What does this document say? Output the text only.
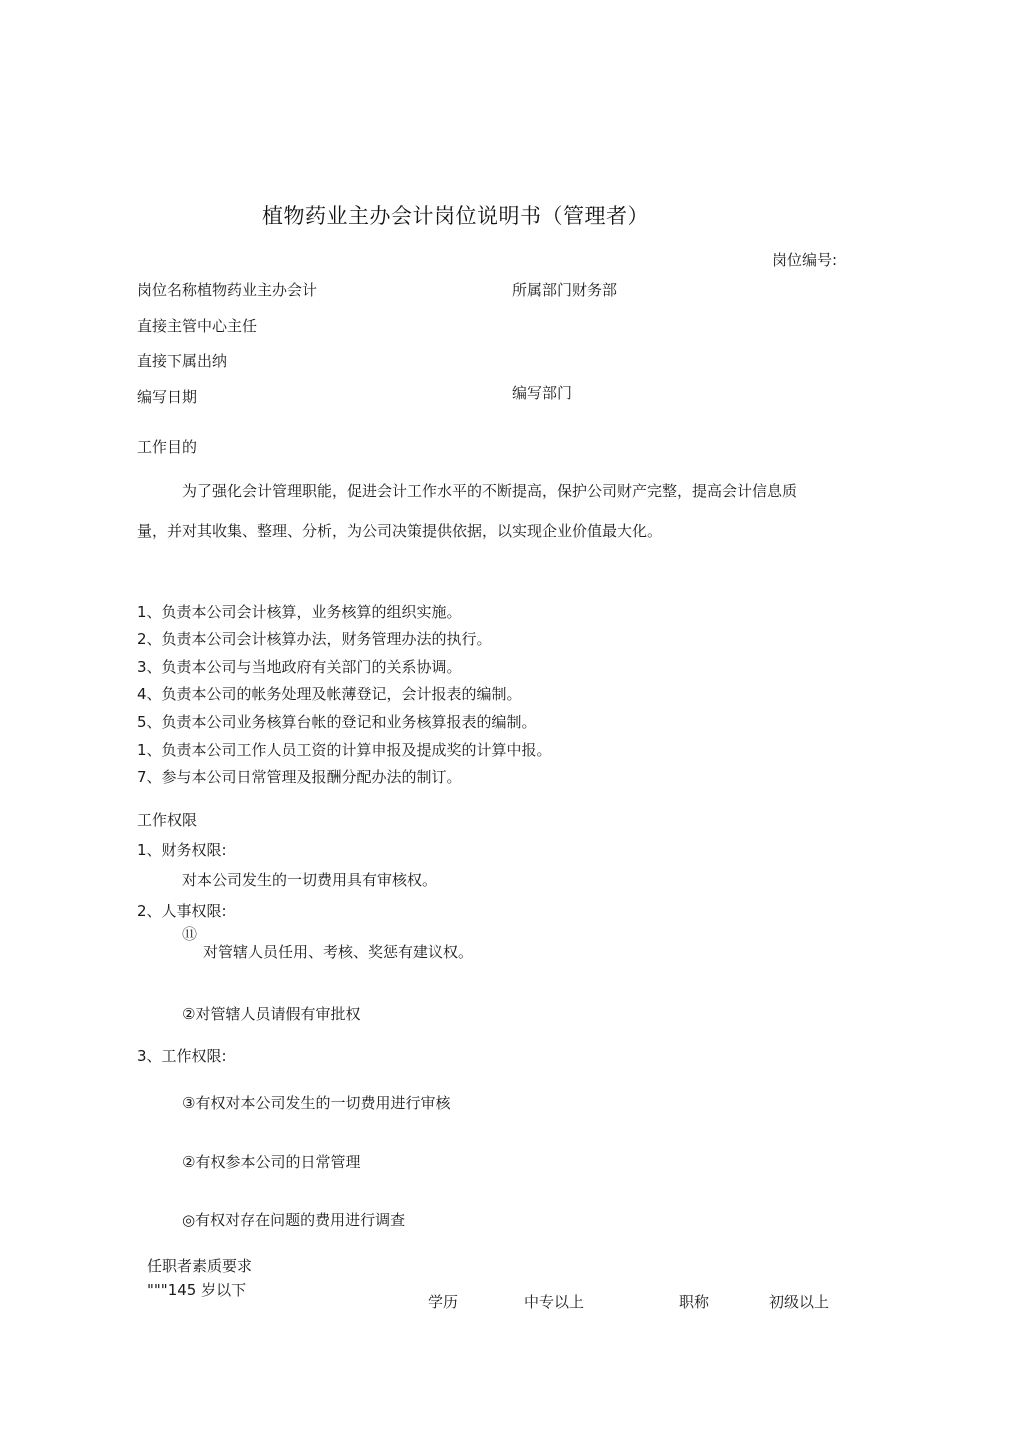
植物药业主办会计岗位说明书（管理者）
岗位编号:
岗位名称植物药业主办会计	所属部门财务部
直接主管中心主任
直接下属出纳
编写日期	编写部门
工作目的
为了强化会计管理职能，促进会计工作水平的不断提高，保护公司财产完整，提高会计信息质
量，并对其收集、整理、分析，为公司决策提供依据，以实现企业价值最大化。
1、负责本公司会计核算，业务核算的组织实施。
2、负责本公司会计核算办法，财务管理办法的执行。
3、负责本公司与当地政府有关部门的关系协调。
4、负责本公司的帐务处理及帐薄登记，会计报表的编制。
5、负责本公司业务核算台帐的登记和业务核算报表的编制。
1、负责本公司工作人员工资的计算申报及提成奖的计算中报。
7、参与本公司日常管理及报酬分配办法的制订。
工作权限
1、财务权限:
对本公司发生的一切费用具有审核权。
2、人事权限:
⑪
对管辖人员任用、考核、奖惩有建议权。
②对管辖人员请假有审批权
3、工作权限:
③有权对本公司发生的一切费用进行审核
②有权参本公司的日常管理
◎有权对存在问题的费用进行调查
任职者素质要求
"""145 岁以下
学历	中专以上	职称	初级以上
